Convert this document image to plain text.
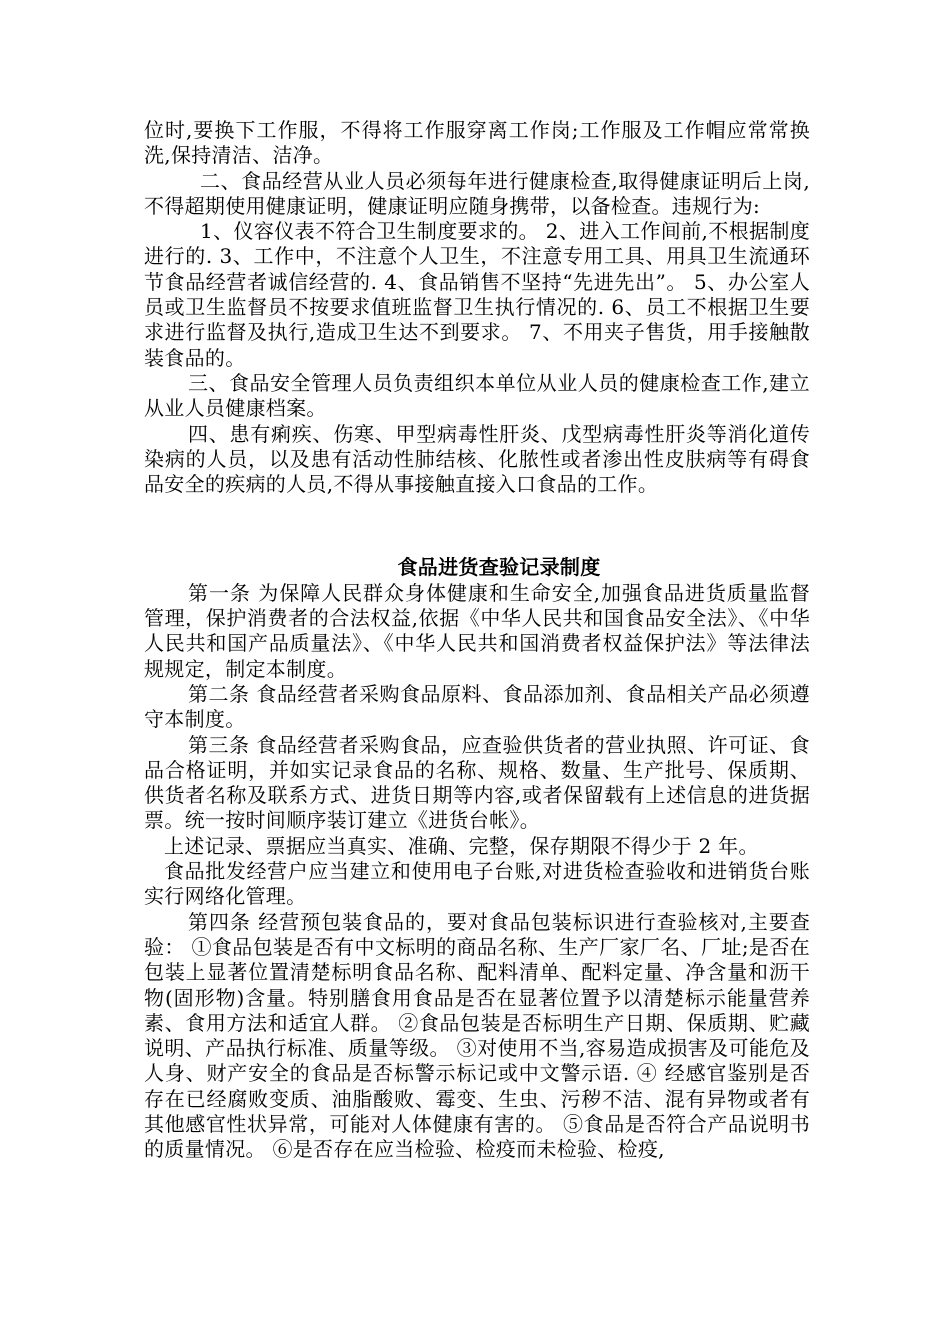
位时,要换下工作服，不得将工作服穿离工作岗;工作服及工作帽应常常换洗,保持清洁、洁净。

二、食品经营从业人员必须每年进行健康检查,取得健康证明后上岗,不得超期使用健康证明，健康证明应随身携带，以备检查。违规行为:

1、仪容仪表不符合卫生制度要求的。 2、进入工作间前,不根据制度进行的. 3、工作中，不注意个人卫生，不注意专用工具、用具卫生流通环节食品经营者诚信经营的. 4、食品销售不坚持“先进先出”。 5、办公室人员或卫生监督员不按要求值班监督卫生执行情况的. 6、员工不根据卫生要求进行监督及执行,造成卫生达不到要求。 7、不用夹子售货，用手接触散装食品的。

三、食品安全管理人员负责组织本单位从业人员的健康检查工作,建立从业人员健康档案。

四、患有痢疾、伤寒、甲型病毒性肝炎、戊型病毒性肝炎等消化道传染病的人员，以及患有活动性肺结核、化脓性或者渗出性皮肤病等有碍食品安全的疾病的人员,不得从事接触直接入口食品的工作。

食品进货查验记录制度

第一条 为保障人民群众身体健康和生命安全,加强食品进货质量监督管理，保护消费者的合法权益,依据《中华人民共和国食品安全法》、《中华人民共和国产品质量法》、《中华人民共和国消费者权益保护法》等法律法规规定，制定本制度。

第二条 食品经营者采购食品原料、食品添加剂、食品相关产品必须遵守本制度。

第三条 食品经营者采购食品，应查验供货者的营业执照、许可证、食品合格证明，并如实记录食品的名称、规格、数量、生产批号、保质期、供货者名称及联系方式、进货日期等内容,或者保留载有上述信息的进货据票。统一按时间顺序装订建立《进货台帐》。

上述记录、票据应当真实、准确、完整，保存期限不得少于 2 年。

食品批发经营户应当建立和使用电子台账,对进货检查验收和进销货台账实行网络化管理。

第四条 经营预包装食品的，要对食品包装标识进行查验核对,主要查验： ①食品包装是否有中文标明的商品名称、生产厂家厂名、厂址;是否在包装上显著位置清楚标明食品名称、配料清单、配料定量、净含量和沥干物(固形物)含量。特别膳食用食品是否在显著位置予以清楚标示能量营养素、食用方法和适宜人群。 ②食品包装是否标明生产日期、保质期、贮藏说明、产品执行标准、质量等级。 ③对使用不当,容易造成损害及可能危及人身、财产安全的食品是否标警示标记或中文警示语. ④ 经感官鉴别是否存在已经腐败变质、油脂酸败、霉变、生虫、污秽不洁、混有异物或者有其他感官性状异常，可能对人体健康有害的。 ⑤食品是否符合产品说明书的质量情况。 ⑥是否存在应当检验、检疫而未检验、检疫,
